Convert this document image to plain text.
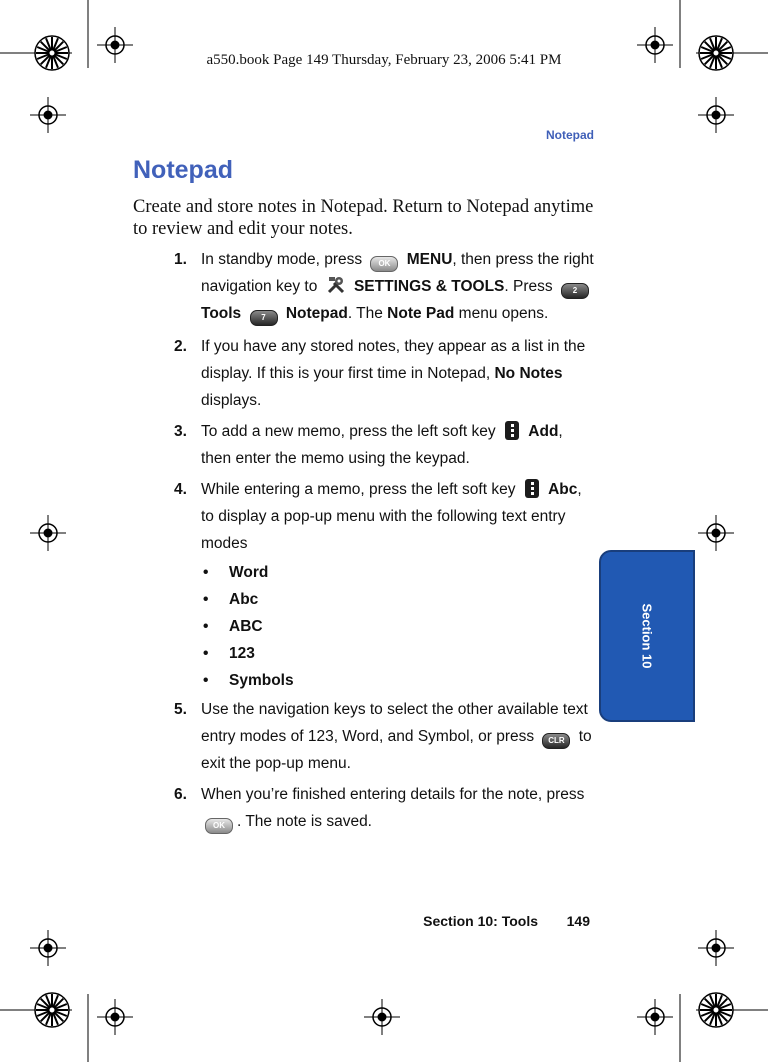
a550.book Page 149 Thursday, February 23, 2006 5:41 PM
Notepad
Notepad
Create and store notes in Notepad. Return to Notepad anytime to review and edit your notes.
1. In standby mode, press OK MENU, then press the right navigation key to SETTINGS & TOOLS. Press	2 Tools	7 Notepad. The Note Pad menu opens.
2. If you have any stored notes, they appear as a list in the display. If this is your first time in Notepad, No Notes displays.
3. To add a new memo, press the left soft key Add, then enter the memo using the keypad.
4. While entering a memo, press the left soft key Abc, to display a pop-up menu with the following text entry modes
• Word
• Abc
• ABC
• 123
• Symbols
5. Use the navigation keys to select the other available text entry modes of 123, Word, and Symbol, or press CLR to exit the pop-up menu.
6. When you’re finished entering details for the note, press OK . The note is saved.
Section 10
Section 10: Tools 149
